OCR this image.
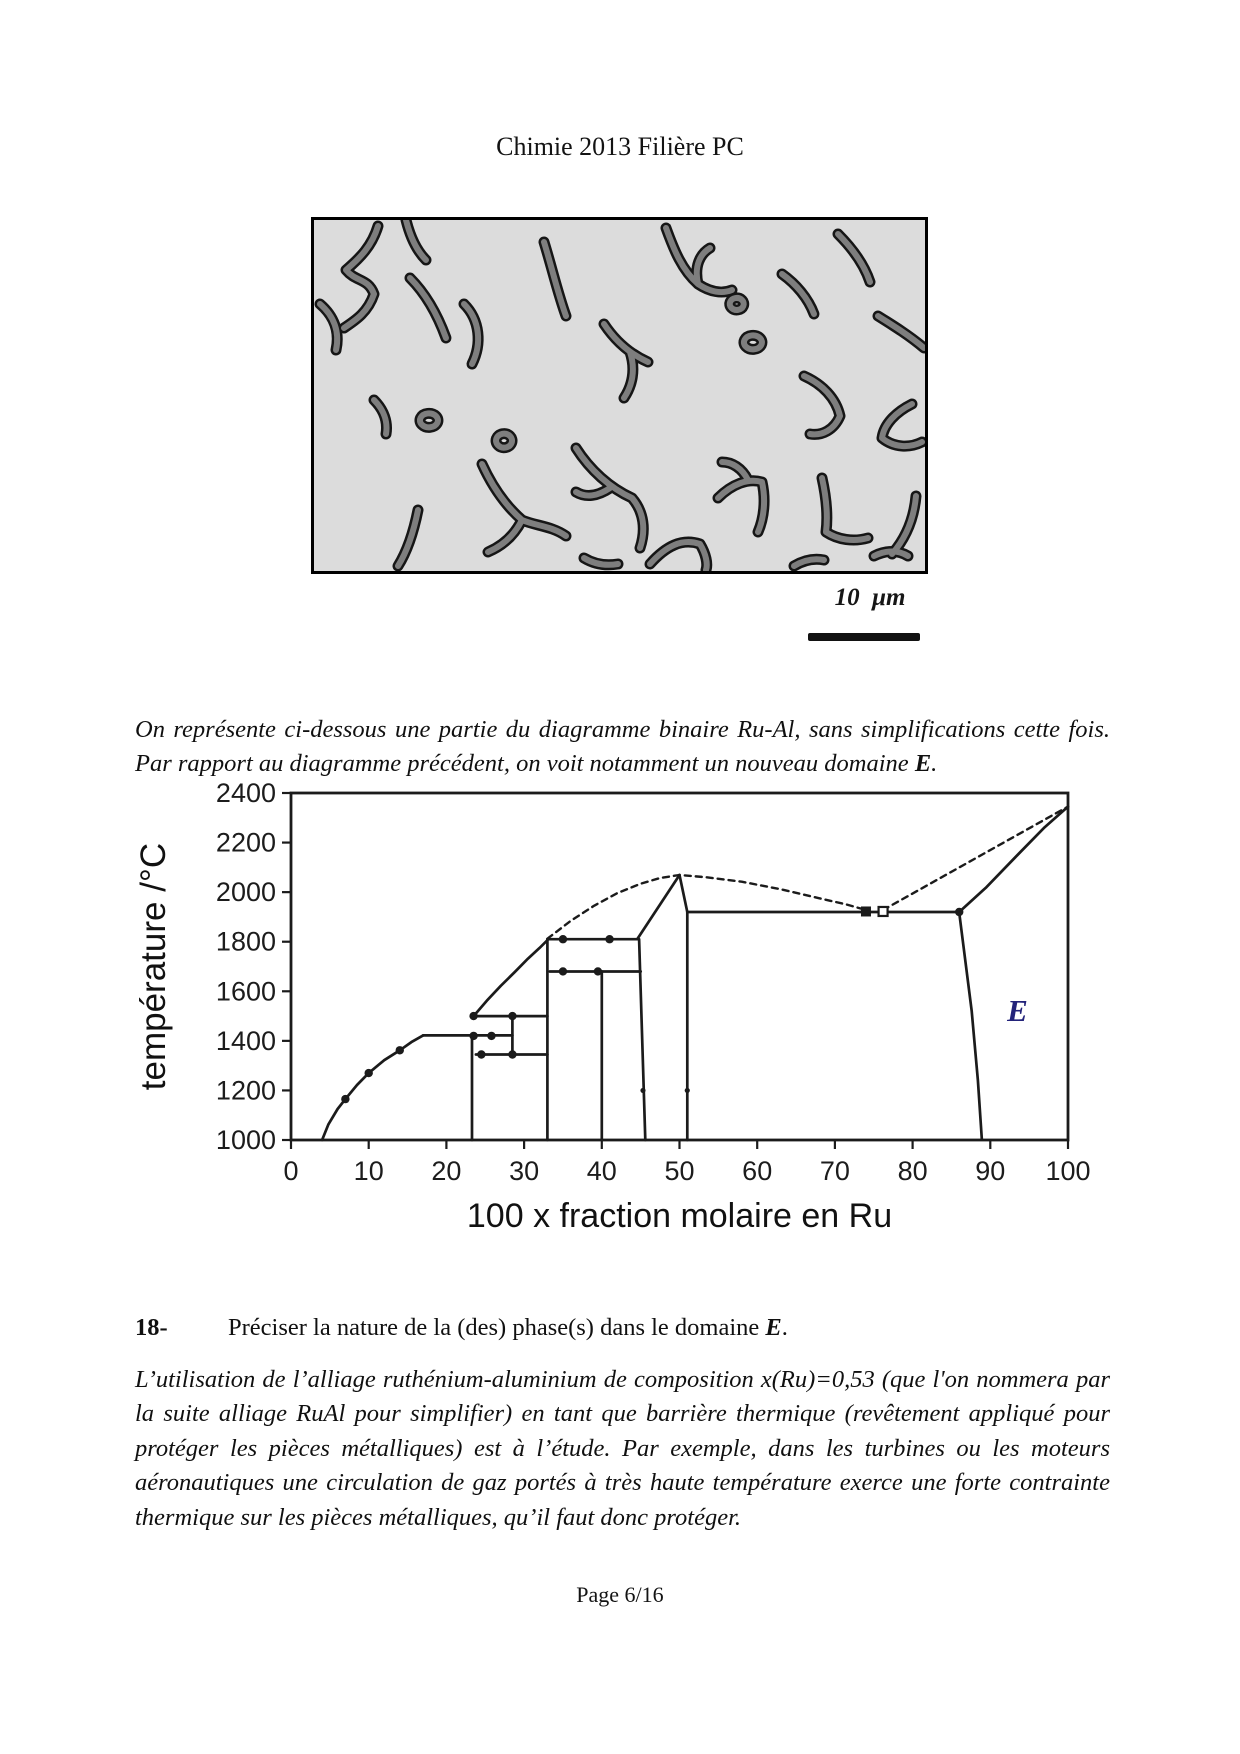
Chimie 2013 Filière PC
10  μm

On représente ci-dessous une partie du diagramme binaire Ru-Al, sans simplifications cette fois. Par rapport au diagramme précédent, on voit notamment un nouveau domaine E.

1000
1200
1400
1600
1800
2000
2200
2400
0 10 20 30 40 50 60 70 80 90 100
E
100 x fraction molaire en Ru
température /°C

18- Préciser la nature de la (des) phase(s) dans le domaine E.

L’utilisation de l’alliage ruthénium-aluminium de composition x(Ru)=0,53 (que l'on nommera par la suite alliage RuAl pour simplifier) en tant que barrière thermique (revêtement appliqué pour protéger les pièces métalliques) est à l’étude. Par exemple, dans les turbines ou les moteurs aéronautiques une circulation de gaz portés à très haute température exerce une forte contrainte thermique sur les pièces métalliques, qu’il faut donc protéger.

Page 6/16
